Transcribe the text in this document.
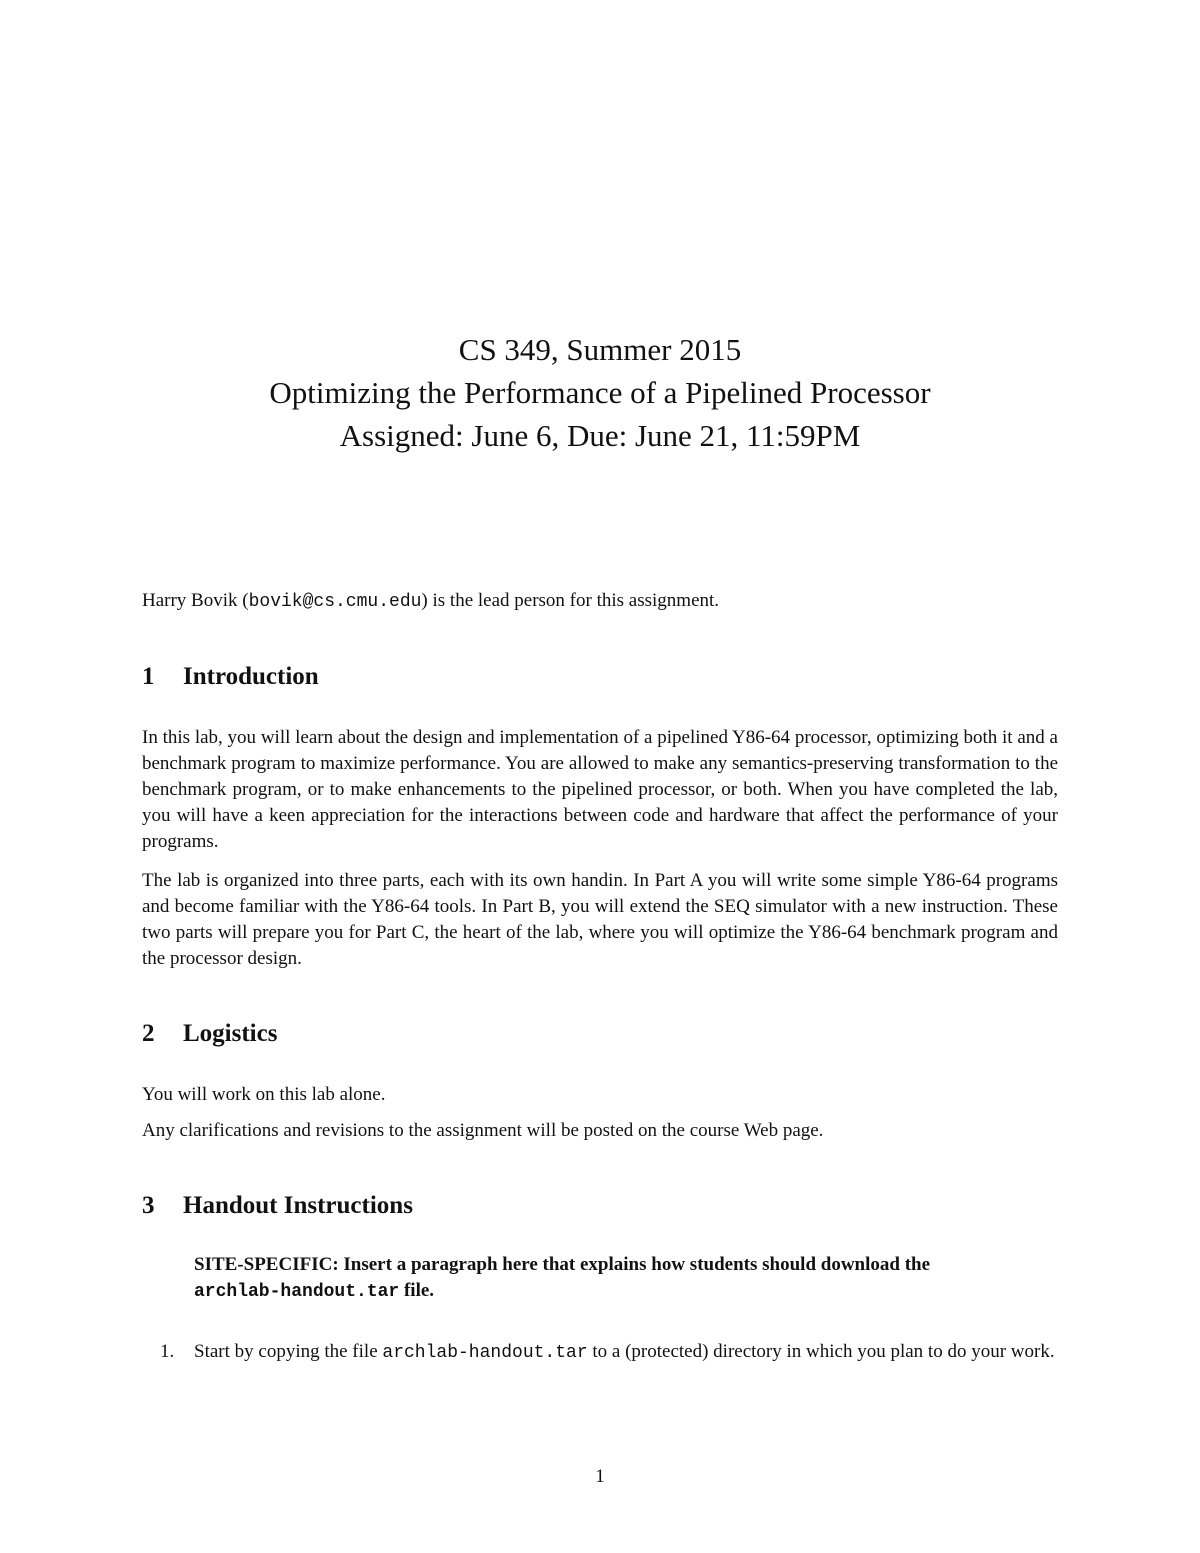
CS 349, Summer 2015
Optimizing the Performance of a Pipelined Processor
Assigned: June 6, Due: June 21, 11:59PM

Harry Bovik (bovik@cs.cmu.edu) is the lead person for this assignment.

1 Introduction

In this lab, you will learn about the design and implementation of a pipelined Y86-64 processor, optimizing both it and a benchmark program to maximize performance. You are allowed to make any semantics-preserving transformation to the benchmark program, or to make enhancements to the pipelined processor, or both. When you have completed the lab, you will have a keen appreciation for the interactions between code and hardware that affect the performance of your programs.

The lab is organized into three parts, each with its own handin. In Part A you will write some simple Y86-64 programs and become familiar with the Y86-64 tools. In Part B, you will extend the SEQ simulator with a new instruction. These two parts will prepare you for Part C, the heart of the lab, where you will optimize the Y86-64 benchmark program and the processor design.

2 Logistics

You will work on this lab alone.

Any clarifications and revisions to the assignment will be posted on the course Web page.

3 Handout Instructions

SITE-SPECIFIC: Insert a paragraph here that explains how students should download the
archlab-handout.tar file.

1.	Start by copying the file archlab-handout.tar to a (protected) directory in which you plan to do your work.
1
